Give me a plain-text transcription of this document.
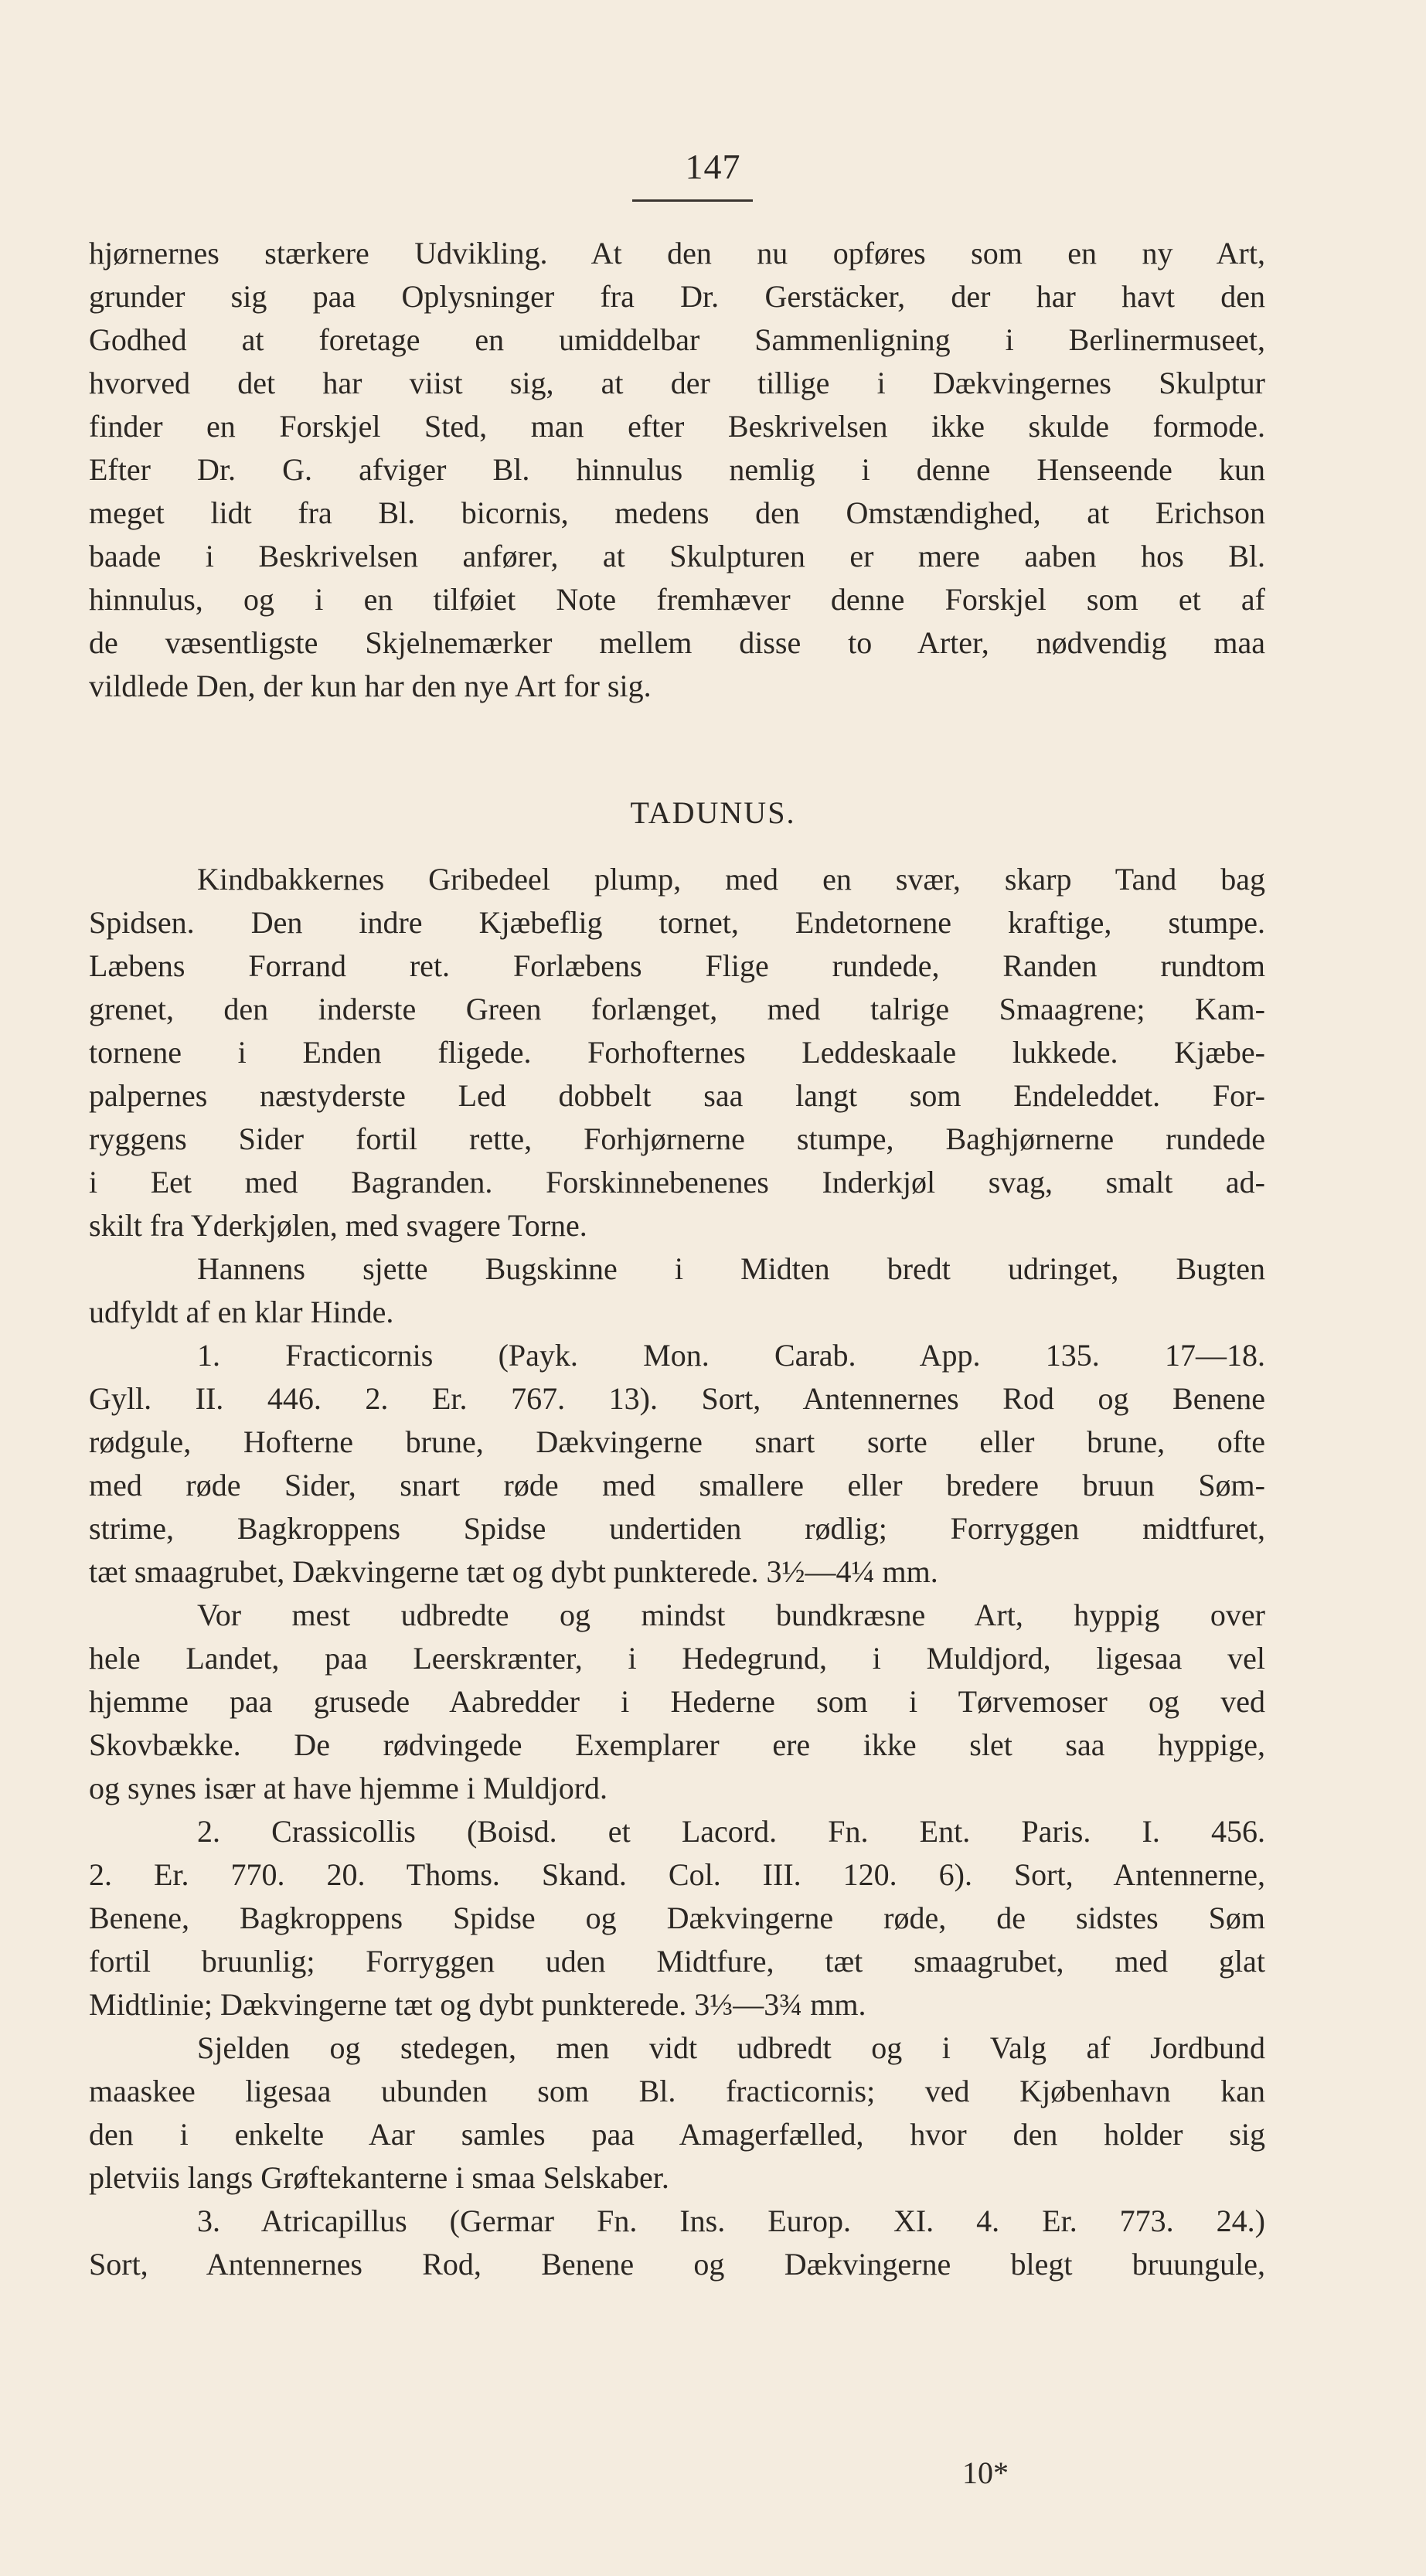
147
hjørnernes stærkere Udvikling. At den nu opføres som en ny Art,
grunder sig paa Oplysninger fra Dr. Gerstäcker, der har havt den
Godhed at foretage en umiddelbar Sammenligning i Berlinermuseet,
hvorved det har viist sig, at der tillige i Dækvingernes Skulptur
finder en Forskjel Sted, man efter Beskrivelsen ikke skulde formode.
Efter Dr. G. afviger Bl. hinnulus nemlig i denne Henseende kun
meget lidt fra Bl. bicornis, medens den Omstændighed, at Erichson
baade i Beskrivelsen anfører, at Skulpturen er mere aaben hos Bl.
hinnulus, og i en tilføiet Note fremhæver denne Forskjel som et af
de væsentligste Skjelnemærker mellem disse to Arter, nødvendig maa
vildlede Den, der kun har den nye Art for sig.
TADUNUS.
Kindbakkernes Gribedeel plump, med en svær, skarp Tand bag
Spidsen. Den indre Kjæbeflig tornet, Endetornene kraftige, stumpe.
Læbens Forrand ret. Forlæbens Flige rundede, Randen rundtom
grenet, den inderste Green forlænget, med talrige Smaagrene; Kam-
tornene i Enden fligede. Forhofternes Leddeskaale lukkede. Kjæbe-
palpernes næstyderste Led dobbelt saa langt som Endeleddet. For-
ryggens Sider fortil rette, Forhjørnerne stumpe, Baghjørnerne rundede
i Eet med Bagranden. Forskinnebenenes Inderkjøl svag, smalt ad-
skilt fra Yderkjølen, med svagere Torne.
Hannens sjette Bugskinne i Midten bredt udringet, Bugten
udfyldt af en klar Hinde.
1. Fracticornis (Payk. Mon. Carab. App. 135. 17—18.
Gyll. II. 446. 2. Er. 767. 13). Sort, Antennernes Rod og Benene
rødgule, Hofterne brune, Dækvingerne snart sorte eller brune, ofte
med røde Sider, snart røde med smallere eller bredere bruun Søm-
strime, Bagkroppens Spidse undertiden rødlig; Forryggen midtfuret,
tæt smaagrubet, Dækvingerne tæt og dybt punkterede. 3½—4¼ mm.
Vor mest udbredte og mindst bundkræsne Art, hyppig over
hele Landet, paa Leerskrænter, i Hedegrund, i Muldjord, ligesaa vel
hjemme paa grusede Aabredder i Hederne som i Tørvemoser og ved
Skovbække. De rødvingede Exemplarer ere ikke slet saa hyppige,
og synes især at have hjemme i Muldjord.
2. Crassicollis (Boisd. et Lacord. Fn. Ent. Paris. I. 456.
2. Er. 770. 20. Thoms. Skand. Col. III. 120. 6). Sort, Antennerne,
Benene, Bagkroppens Spidse og Dækvingerne røde, de sidstes Søm
fortil bruunlig; Forryggen uden Midtfure, tæt smaagrubet, med glat
Midtlinie; Dækvingerne tæt og dybt punkterede. 3⅓—3¾ mm.
Sjelden og stedegen, men vidt udbredt og i Valg af Jordbund
maaskee ligesaa ubunden som Bl. fracticornis; ved Kjøbenhavn kan
den i enkelte Aar samles paa Amagerfælled, hvor den holder sig
pletviis langs Grøftekanterne i smaa Selskaber.
3. Atricapillus (Germar Fn. Ins. Europ. XI. 4. Er. 773. 24.)
Sort, Antennernes Rod, Benene og Dækvingerne blegt bruungule,
10*
